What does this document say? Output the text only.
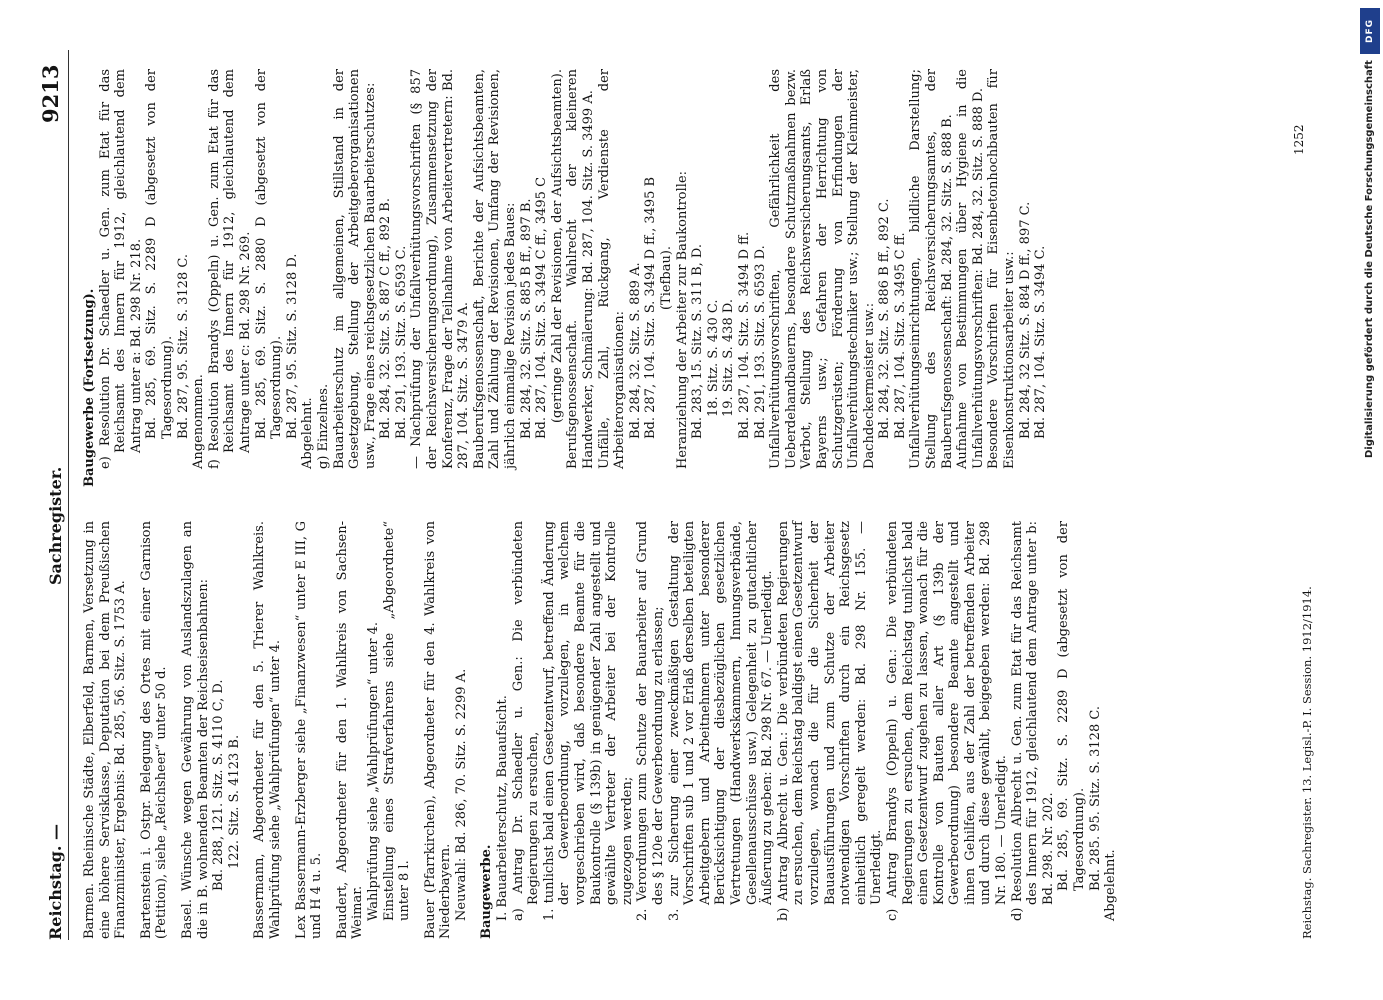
Reichstag. —
Sachregister.
9213

Barmen. Rheinische Städte, Elberfeld, Barmen, Versetzung in eine höhere Servisklasse, Deputation bei dem Preußischen Finanzminister, Ergebnis: Bd. 285, 56. Sitz. S. 1753 A. Bartenstein i. Ostpr. Belegung des Ortes mit einer Garnison (Petition), siehe „Reichsheer“ unter 50 d. Basel. Wünsche wegen Gewährung von Auslandszulagen an die in B. wohnenden Beamten der Reichseisenbahnen: Bd. 288, 121. Sitz. S. 4110 C, D. 122. Sitz. S. 4123 B. Bassermann, Abgeordneter für den 5. Trierer Wahlkreis. Wahlprüfung siehe „Wahlprüfungen“ unter 4. Lex Bassermann-Erzberger siehe „Finanzwesen“ unter E III, G und H 4 u. 5. Baudert, Abgeordneter für den 1. Wahlkreis von Sachsen-Weimar. Wahlprüfung siehe „Wahlprüfungen“ unter 4. Einstellung eines Strafverfahrens siehe „Abgeordnete“ unter 8 l. Bauer (Pfarrkirchen), Abgeordneter für den 4. Wahlkreis von Niederbayern. Neuwahl: Bd. 286, 70. Sitz. S. 2299 A. Baugewerbe. I. Bauarbeiterschutz, Bauaufsicht. a) Antrag Dr. Schaedler u. Gen.: Die verbündeten Regierungen zu ersuchen, 1. tunlichst bald einen Gesetzentwurf, betreffend Änderung der Gewerbeordnung, vorzulegen, in welchem vorgeschrieben wird, daß besondere Beamte für die Baukontrolle (§ 139b) in genügender Zahl angestellt und gewählte Vertreter der Arbeiter bei der Kontrolle zugezogen werden; 2. Verordnungen zum Schutze der Bauarbeiter auf Grund des § 120e der Gewerbeordnung zu erlassen; 3. zur Sicherung einer zweckmäßigen Gestaltung der Vorschriften sub 1 und 2 vor Erlaß derselben beteiligten Arbeitgebern und Arbeitnehmern unter besonderer Berücksichtigung der diesbezüglichen gesetzlichen Vertretungen (Handwerkskammern, Innungsverbände, Gesellenausschüsse usw.) Gelegenheit zu gutachtlicher Äußerung zu geben: Bd. 298 Nr. 67. — Unerledigt. b) Antrag Albrecht u. Gen.: Die verbündeten Regierungen zu ersuchen, dem Reichstag baldigst einen Gesetzentwurf vorzulegen, wonach die für die Sicherheit der Bauausführungen und zum Schutze der Arbeiter notwendigen Vorschriften durch ein Reichsgesetz einheitlich geregelt werden: Bd. 298 Nr. 155. — Unerledigt. c) Antrag Brandys (Oppeln) u. Gen.: Die verbündeten Regierungen zu ersuchen, dem Reichstag tunlichst bald einen Gesetzentwurf zugehen zu lassen, wonach für die Kontrolle von Bauten aller Art (§ 139b der Gewerbeordnung) besondere Beamte angestellt und ihnen Gehilfen, aus der Zahl der betreffenden Arbeiter und durch diese gewählt, beigegeben werden: Bd. 298 Nr. 180. — Unerledigt. d) Resolution Albrecht u. Gen. zum Etat für das Reichsamt des Innern für 1912, gleichlautend dem Antrage unter b: Bd. 298. Nr. 202. Bd. 285, 69. Sitz. S. 2289 D (abgesetzt von der Tagesordnung). Bd. 285. 95. Sitz. S. 3128 C. Abgelehnt.

Baugewerbe (Fortsetzung). e) Resolution Dr. Schaedler u. Gen. zum Etat für das Reichsamt des Innern für 1912, gleichlautend dem Antrag unter a: Bd. 298 Nr. 218. Bd. 285, 69. Sitz. S. 2289 D (abgesetzt von der Tagesordnung). Bd. 287, 95. Sitz. S. 3128 C. Angenommen. f) Resolution Brandys (Oppeln) u. Gen. zum Etat für das Reichsamt des Innern für 1912, gleichlautend dem Antrage unter c: Bd. 298 Nr. 269. Bd. 285, 69. Sitz. S. 2880 D (abgesetzt von der Tagesordnung). Bd. 287, 95. Sitz. S. 3128 D. Abgelehnt. g) Einzelnes. Bauarbeiterschutz im allgemeinen, Stillstand in der Gesetzgebung, Stellung der Arbeitgeberorganisationen usw., Frage eines reichsgesetzlichen Bauarbeiterschutzes: Bd. 284, 32. Sitz. S. 887 C ff., 892 B. Bd. 291, 193. Sitz. S. 6593 C. — Nachprüfung der Unfallverhütungsvorschriften (§ 857 der Reichsversicherungsordnung), Zusammensetzung der Konferenz, Frage der Teilnahme von Arbeitervertretern: Bd. 287, 104. Sitz. S. 3479 A. Bauberufsgenossenschaft, Berichte der Aufsichtsbeamten, Zahl und Zählung der Revisionen, Umfang der Revisionen, jährlich einmalige Revision jedes Baues: Bd. 284, 32. Sitz. S. 885 B ff., 897 B. Bd. 287, 104. Sitz. S. 3494 C ff., 3495 C (geringe Zahl der Revisionen, der Aufsichtsbeamten). Berufsgenossenschaft. Wahlrecht der kleineren Handwerker, Schmälerung: Bd. 287, 104. Sitz. S. 3499 A. Unfälle, Zahl, Rückgang, Verdienste der Arbeiterorganisationen: Bd. 284, 32. Sitz. S. 889 A. Bd. 287, 104. Sitz. S. 3494 D ff., 3495 B (Tiefbau). Heranziehung der Arbeiter zur Baukontrolle: Bd. 283, 15. Sitz. S. 311 B, D. 18. Sitz. S. 430 C. 19. Sitz. S. 438 D. Bd. 287, 104. Sitz. S. 3494 D ff. Bd. 291, 193. Sitz. S. 6593 D. Unfallverhütungsvorschriften, Gefährlichkeit des Ueberdehandbauerns, besondere Schutzmaßnahmen bezw. Verbot, Stellung des Reichsversicherungsamts, Erlaß Bayerns usw.; Gefahren der Herrichtung von Schutzgerüsten; Förderung von Erfindungen der Unfallverhütungstechniker usw.; Stellung der Kleinmeister, Dachdeckermeister usw.: Bd. 284, 32. Sitz. S. 886 B ff., 892 C. Bd. 287, 104. Sitz. S. 3495 C ff. Unfallverhütungseinrichtungen, bildliche Darstellung; Stellung des Reichsversicherungsamtes, der Bauberufsgenossenschaft: Bd. 284, 32. Sitz. S. 888 B. Aufnahme von Bestimmungen über Hygiene in die Unfallverhütungsvorschriften: Bd. 284, 32. Sitz. S. 888 D. Besondere Vorschriften für Eisenbetonhochbauten für Eisenkonstruktionsarbeiter usw.: Bd. 284, 32 Sitz. S. 884 D ff., 897 C. Bd. 287, 104. Sitz. S. 3494 C.

Reichstag. Sachregister. 13. Legisl.-P. I. Session. 1912/1914.
1252
DFG
Digitalisierung gefördert durch die Deutsche Forschungsgemeinschaft
